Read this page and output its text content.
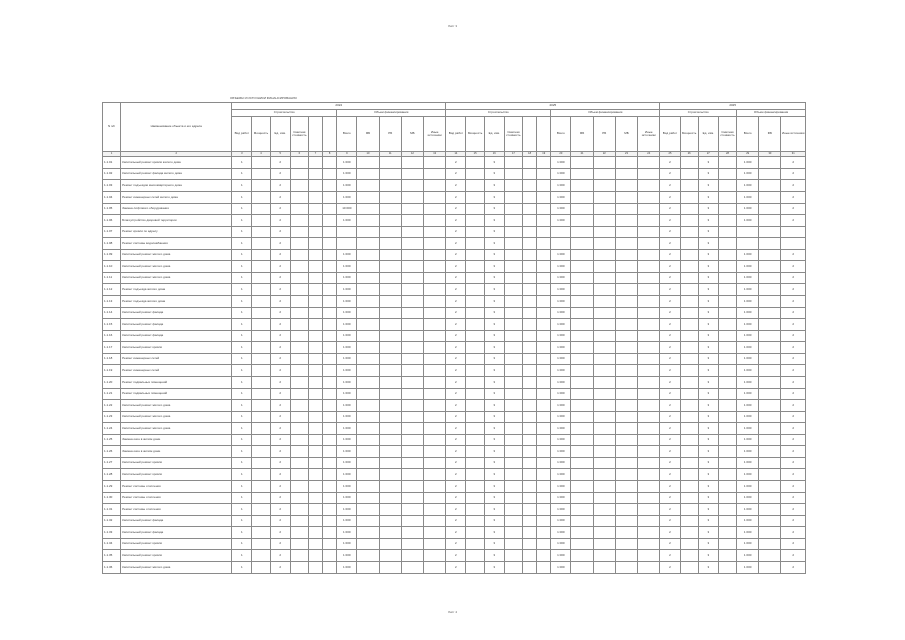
Лист 3
ОБЪЕМЫ И ИСТОЧНИКИ ФИНАНСИРОВАНИЯ
N п/п	Наименование объекта и его адреса	2024											2025											2025						
		Строительство						Объем финансирования					Строительство						Объем финансирования					Строительство				Объем финансирования		
		Вид работ	Мощность	Ед. изм.	Сметная стоимость			Всего	ФБ	РБ	МБ	Иные источники	Вид работ	Мощность	Ед. изм.	Сметная стоимость			Всего	ФБ	РБ	МБ	Иные источники	Вид работ	Мощность	Ед. изм.	Сметная стоимость	Всего	ФБ	Иные источники
1	2	3	4	5	6	7	8	9	10	11	12	13	14	15	16	17	18	19	20	21	22	23	24	25	26	27	28	29	30	31
1.1.01	Капитальный ремонт кровли жилого дома	1		2				1 000					2		3				1 000					2		3		1 000		2
1.1.02	Капитальный ремонт фасада жилого дома	1		2				1 000					2		3				1 000					2		3		1 000		2
1.1.03	Ремонт подъездов многоквартирного дома	1		2				1 000					2		3				1 000					2		3		1 000		2
1.1.04	Ремонт инженерных сетей жилого дома	1		2				1 000					2		3				1 000					2		3		1 000		2
1.1.05	Замена лифтового оборудования	1		2				10 000					2		3				1 000					2		3		1 000		2
1.1.06	Благоустройство дворовой территории	1		2				1 000					2		3				1 000					2		3		1 000		2
1.1.07	Ремонт кровли по адресу	1		2									2		3									2		3				
1.1.08	Ремонт системы водоснабжения	1		2									2		3									2		3				
1.1.09	Капитальный ремонт жилого дома	1		2				1 000					2		3				1 000					2		3		1 000		2
1.1.10	Капитальный ремонт жилого дома	1		2				1 000					2		3				1 000					2		3		1 000		2
1.1.11	Капитальный ремонт жилого дома	1		2				1 000					2		3				1 000					2		3		1 000		2
1.1.12	Ремонт подъезда жилого дома	1		2				1 000					2		3				1 000					2		3		1 000		2
1.1.13	Ремонт подъезда жилого дома	1		2				1 000					2		3				1 000					2		3		1 000		2
1.1.14	Капитальный ремонт фасада	1		2				1 000					2		3				1 000					2		3		1 000		2
1.1.15	Капитальный ремонт фасада	1		2				1 000					2		3				1 000					2		3		1 000		2
1.1.16	Капитальный ремонт фасада	1		2				1 000					2		3				1 000					2		3		1 000		2
1.1.17	Капитальный ремонт кровли	1		2				1 000					2		3				1 000					2		3		1 000		2
1.1.18	Ремонт инженерных сетей	1		2				1 000					2		3				1 000					2		3		1 000		2
1.1.19	Ремонт инженерных сетей	1		2				1 000					2		3				1 000					2		3		1 000		2
1.1.20	Ремонт подвальных помещений	1		2				1 000					2		3				1 000					2		3		1 000		2
1.1.21	Ремонт подвальных помещений	1		2				1 000					2		3				1 000					2		3		1 000		2
1.1.22	Капитальный ремонт жилого дома	1		2				1 000					2		3				1 000					2		3		1 000		2
1.1.23	Капитальный ремонт жилого дома	1		2				1 000					2		3				1 000					2		3		1 000		2
1.1.24	Капитальный ремонт жилого дома	1		2				1 000					2		3				1 000					2		3		1 000		2
1.1.25	Замена окон в жилом доме	1		2				1 000					2		3				1 000					2		3		1 000		2
1.1.26	Замена окон в жилом доме	1		2				1 000					2		3				1 000					2		3		1 000		2
1.1.27	Капитальный ремонт кровли	1		2				1 000					2		3				1 000					2		3		1 000		2
1.1.28	Капитальный ремонт кровли	1		2				1 000					2		3				1 000					2		3		1 000		2
1.1.29	Ремонт системы отопления	1		2				1 000					2		3				1 000					2		3		1 000		2
1.1.30	Ремонт системы отопления	1		2				1 000					2		3				1 000					2		3		1 000		2
1.1.31	Ремонт системы отопления	1		2				1 000					2		3				1 000					2		3		1 000		2
1.1.32	Капитальный ремонт фасада	1		2				1 000					2		3				1 000					2		3		1 000		2
1.1.33	Капитальный ремонт фасада	1		2				1 000					2		3				1 000					2		3		1 000		2
1.1.34	Капитальный ремонт кровли	1		2				1 000					2		3				1 000					2		3		1 000		2
1.1.35	Капитальный ремонт кровли	1		2				1 000					2		3				1 000					2		3		1 000		2
1.1.36	Капитальный ремонт жилого дома	1		2				1 000					2		3				1 000					2		3		1 000		2
Лист 4
